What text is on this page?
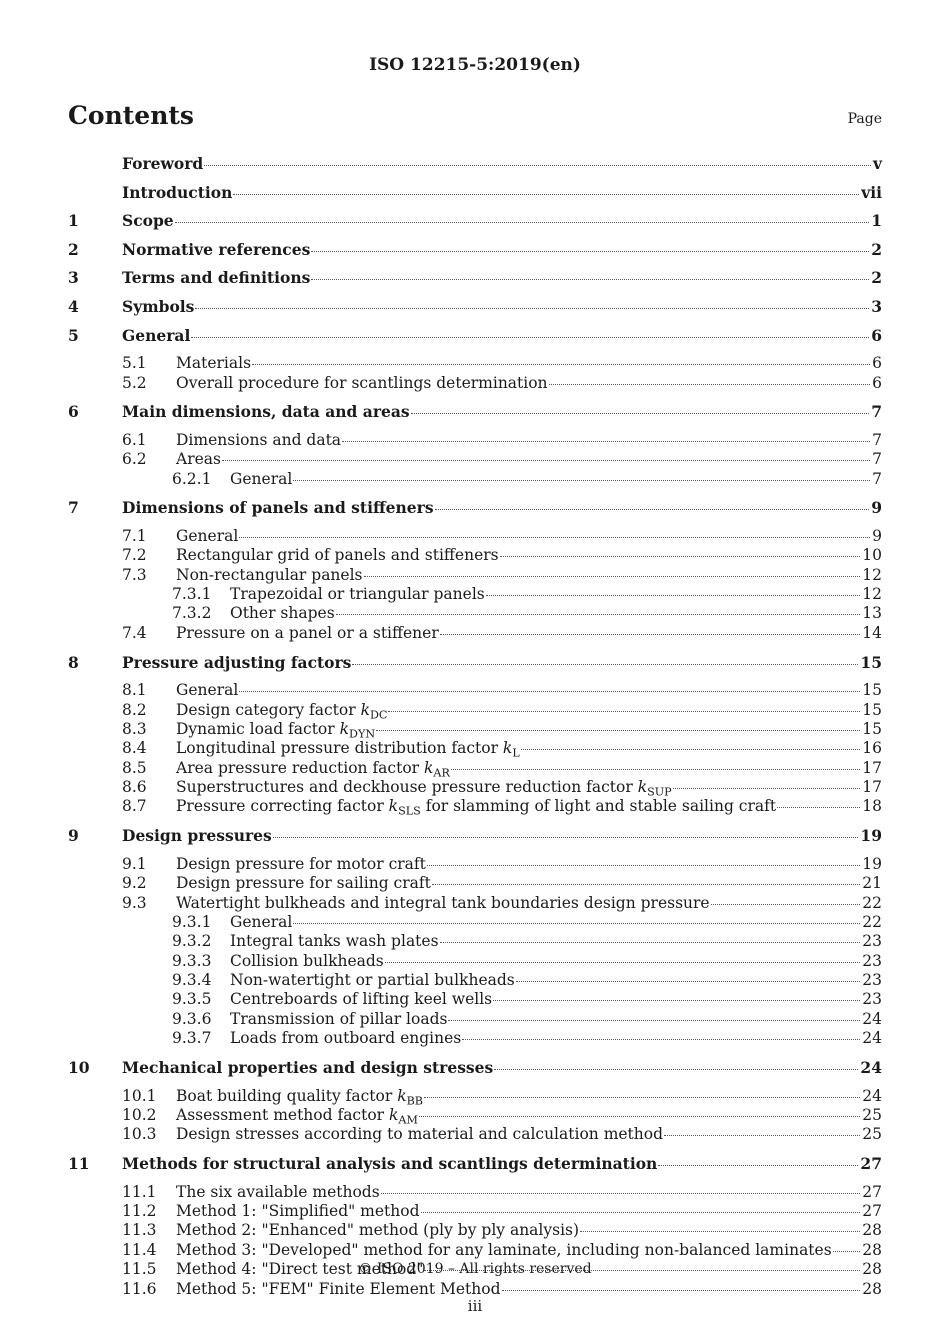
ISO 12215-5:2019(en)
Contents	Page
Foreword	v
Introduction	vii
1	Scope	1
2	Normative references	2
3	Terms and definitions	2
4	Symbols	3
5	General	6
5.1	Materials	6
5.2	Overall procedure for scantlings determination	6
6	Main dimensions, data and areas	7
6.1	Dimensions and data	7
6.2	Areas	7
6.2.1	General	7
7	Dimensions of panels and stiffeners	9
7.1	General	9
7.2	Rectangular grid of panels and stiffeners	10
7.3	Non-rectangular panels	12
7.3.1	Trapezoidal or triangular panels	12
7.3.2	Other shapes	13
7.4	Pressure on a panel or a stiffener	14
8	Pressure adjusting factors	15
8.1	General	15
8.2	Design category factor $k_{DC}$	15
8.3	Dynamic load factor $k_{DYN}$	15
8.4	Longitudinal pressure distribution factor $k_L$	16
8.5	Area pressure reduction factor $k_{AR}$	17
8.6	Superstructures and deckhouse pressure reduction factor $k_{SUP}$	17
8.7	Pressure correcting factor $k_{SLS}$ for slamming of light and stable sailing craft	18
9	Design pressures	19
9.1	Design pressure for motor craft	19
9.2	Design pressure for sailing craft	21
9.3	Watertight bulkheads and integral tank boundaries design pressure	22
9.3.1	General	22
9.3.2	Integral tanks wash plates	23
9.3.3	Collision bulkheads	23
9.3.4	Non-watertight or partial bulkheads	23
9.3.5	Centreboards of lifting keel wells	23
9.3.6	Transmission of pillar loads	24
9.3.7	Loads from outboard engines	24
10	Mechanical properties and design stresses	24
10.1	Boat building quality factor $k_{BB}$	24
10.2	Assessment method factor $k_{AM}$	25
10.3	Design stresses according to material and calculation method	25
11	Methods for structural analysis and scantlings determination	27
11.1	The six available methods	27
11.2	Method 1: "Simplified" method	27
11.3	Method 2: "Enhanced" method (ply by ply analysis)	28
11.4	Method 3: "Developed" method for any laminate, including non-balanced laminates 28
11.5	Method 4: "Direct test method"	28
11.6	Method 5: "FEM" Finite Element Method	28
© ISO 2019 – All rights reserved
iii
